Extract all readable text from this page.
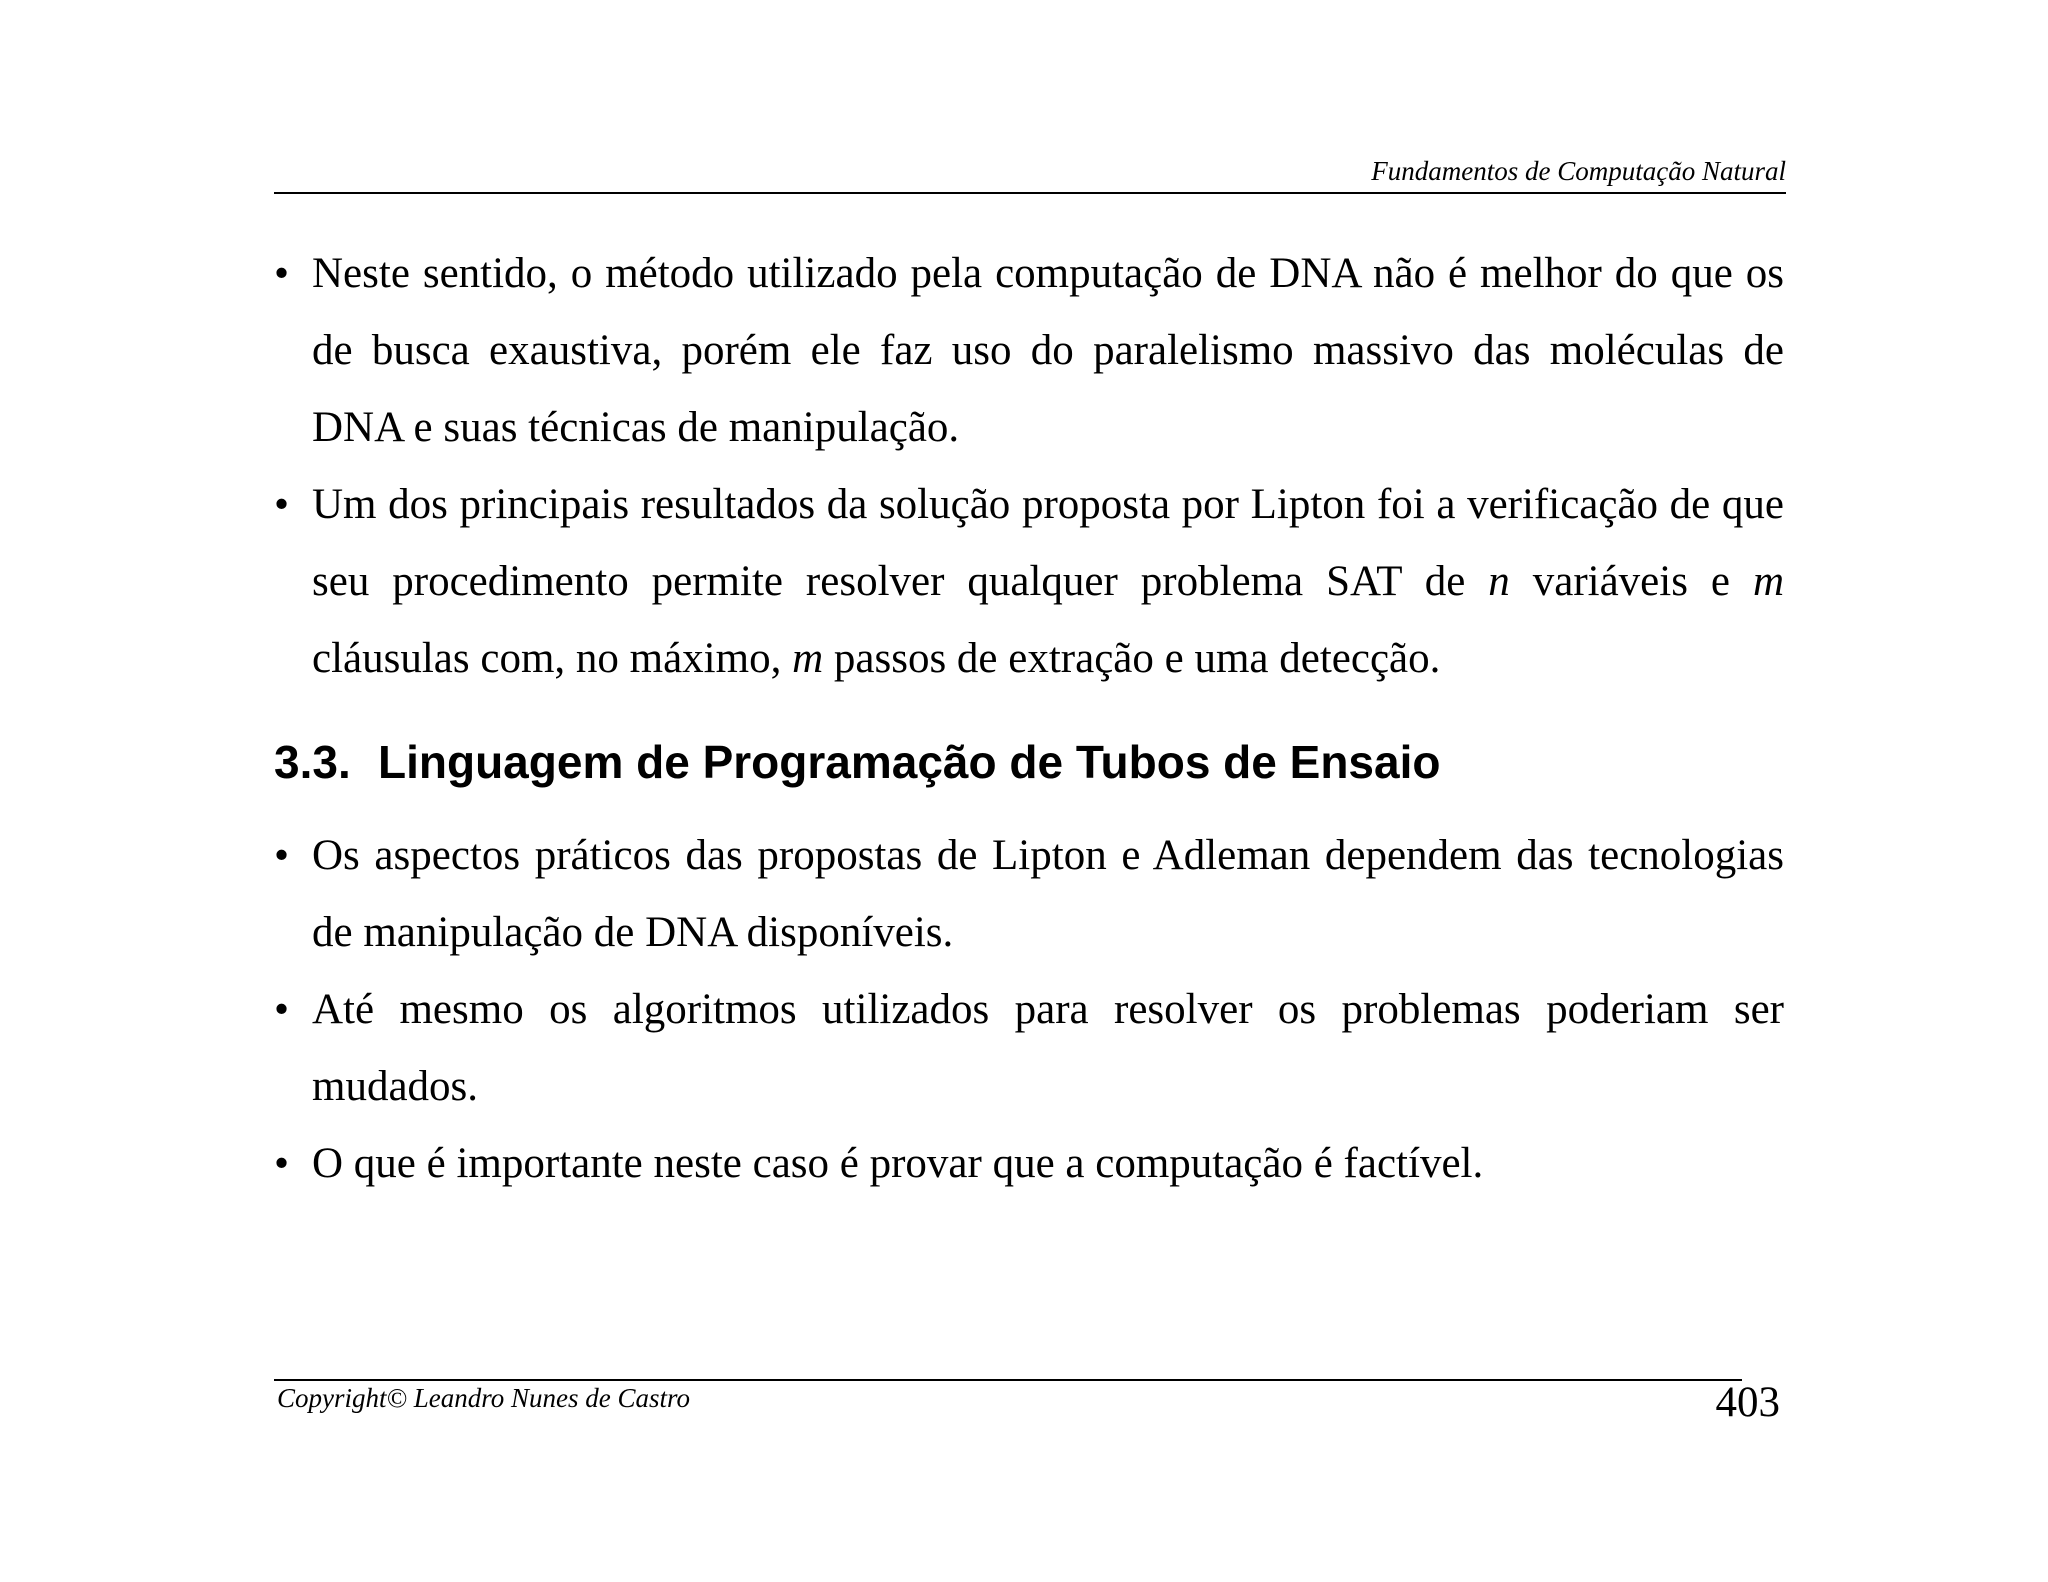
Fundamentos de Computação Natural
• Neste sentido, o método utilizado pela computação de DNA não é melhor do que os de busca exaustiva, porém ele faz uso do paralelismo massivo das moléculas de DNA e suas técnicas de manipulação.
• Um dos principais resultados da solução proposta por Lipton foi a verificação de que seu procedimento permite resolver qualquer problema SAT de n variáveis e m cláusulas com, no máximo, m passos de extração e uma detecção.
3.3. Linguagem de Programação de Tubos de Ensaio
• Os aspectos práticos das propostas de Lipton e Adleman dependem das tecnologias de manipulação de DNA disponíveis.
• Até mesmo os algoritmos utilizados para resolver os problemas poderiam ser mudados.
• O que é importante neste caso é provar que a computação é factível.
Copyright© Leandro Nunes de Castro	403
